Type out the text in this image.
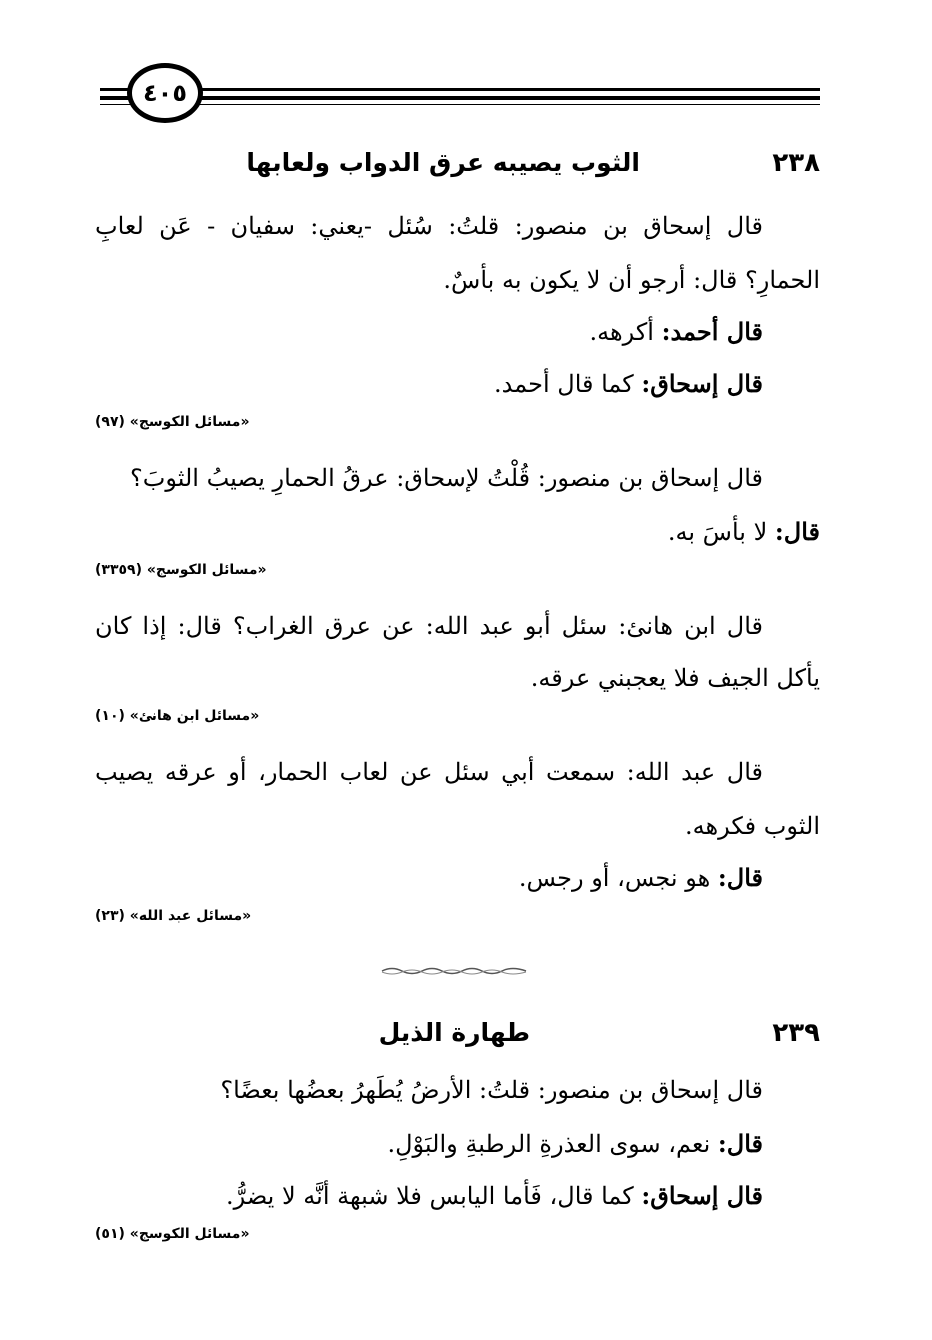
٤٠٥
٢٣٨
الثوب يصيبه عرق الدواب ولعابها
قال إسحاق بن منصور: قلتُ: سُئل -يعني: سفيان - عَن لعابِ
الحمارِ؟ قال: أرجو أن لا يكون به بأسٌ.
قال أحمد: أكرهه.
قال إسحاق: كما قال أحمد.
«مسائل الكوسج» (٩٧)
قال إسحاق بن منصور: قُلْتُ لإسحاق: عرقُ الحمارِ يصيبُ الثوبَ؟
قال: لا بأسَ به.
«مسائل الكوسج» (٣٣٥٩)
قال ابن هانئ: سئل أبو عبد الله: عن عرق الغراب؟ قال: إذا كان
يأكل الجيف فلا يعجبني عرقه.
«مسائل ابن هانئ» (١٠)
قال عبد الله: سمعت أبي سئل عن لعاب الحمار، أو عرقه يصيب
الثوب فكرهه.
قال: هو نجس، أو رجس.
«مسائل عبد الله» (٢٣)
٢٣٩
طهارة الذيل
قال إسحاق بن منصور: قلتُ: الأرضُ يُطَهرُ بعضُها بعضًا؟
قال: نعم، سوى العذرةِ الرطبةِ والبَوْلِ.
قال إسحاق: كما قال، فَأما اليابس فلا شبهة أنَّه لا يضرُّ.
«مسائل الكوسج» (٥١)
